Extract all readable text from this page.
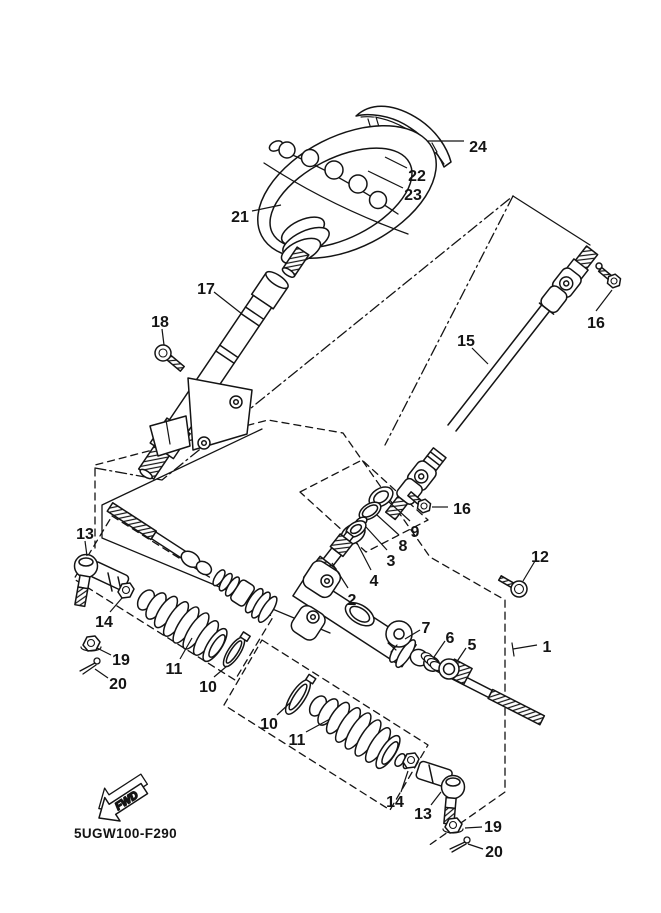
FWD
5UGW100-F290
24
22
23
21
17
18
15
16
16
12
9
8
3
4
2
1
7
6 5
13
14
19
20
11
10
10
11
14
13
19
20
